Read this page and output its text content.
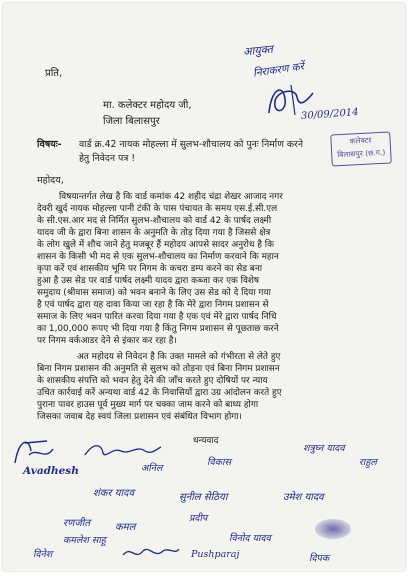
प्रति,
मा. कलेक्टर महोदय जी,
जिला बिलासपुर
विषयः- वार्ड क्र.42 नायक मोहल्ला में सुलभ-शौचालय को पुनः निर्माण करने
हेतु निवेदन पत्र !
महोदय,
विषयान्तर्गत लेख है कि वार्ड कमांक 42 शहीद चंद्रा शेखर आजाद नगर
देवरी खुर्द नायक मोहल्ला पानी टंकी के पास पंचायत के समय एस.ई.सी.एल
के सी.एस.आर मद से निर्मित सुलभ-शौचालय को वार्ड 42 के पार्षद लक्ष्मी
यादव जी के द्वारा बिना शासन के अनुमति के तोड़ दिया गया है जिससे क्षेत्र
के लोग खुले में शौच जाने हेतु मजबूर हैं महोदय आपसे सादर अनुरोध है कि
शासन के किसी भी मद से एक सुलभ-शौचालय का निर्माण करवाने कि महान
कृपा करें एवं शासकीय भूमि पर निगम के कचरा डम्प करने का सेड बना
हुआ है उस सेड पर वार्ड पार्षद लक्ष्मी यादव द्वारा कब्जा कर एक विशेष
समुदाय (श्रीवास समाज) को भवन बनाने के लिए उस सेड को दे दिया गया
है एवं पार्षद द्वारा यह दावा किया जा रहा है कि मेरे द्वारा निगम प्रशासन से
समाज के लिए भवन पारित करवा दिया गया है एक एवं मेरे द्वारा पार्षद निधि
का 1,00,000 रूपए भी दिया गया है किंतु निगम प्रशासन से पूछताछ करने
पर निगम वर्कआडर देने से इंकार कर रहा है।
अत महोदय से निवेदन है कि उक्त मामले को गंभीरता से लेते हुए
बिना निगम प्रशासन की अनुमति से सुलभ को तोड़ना एवं बिना निगम प्रशासन
के शासकीय संपत्ति को भवन हेतु देने की जाँच करते हुए दोषियों पर न्याय
उचित कार्रवाई करें अन्यथा वार्ड 42 के निवासियों द्वारा उग्र आंदोलन करते हुए
पुराना पावर हाउस पूर्व मुख्य मार्ग पर चक्का जाम करने को बाध्य होगा
जिसका जवाब देह स्वयं जिला प्रशासन एवं संबंधित विभाग होगा।
धन्यवाद
आयुक्त
निराकरण करें
30/09/2014
कलेक्टर
बिलासपुर (छ.ग.)
Avadhesh	अनिल
विकास
शत्रुघ्न यादव
राहुल
शंकर यादव	सुनील सेठिया	उमेश यादव
प्रदीप
रणजीत कमल
Pushparaj
दिनेश
कमलेश साहू	विनोद यादव
दिपक
